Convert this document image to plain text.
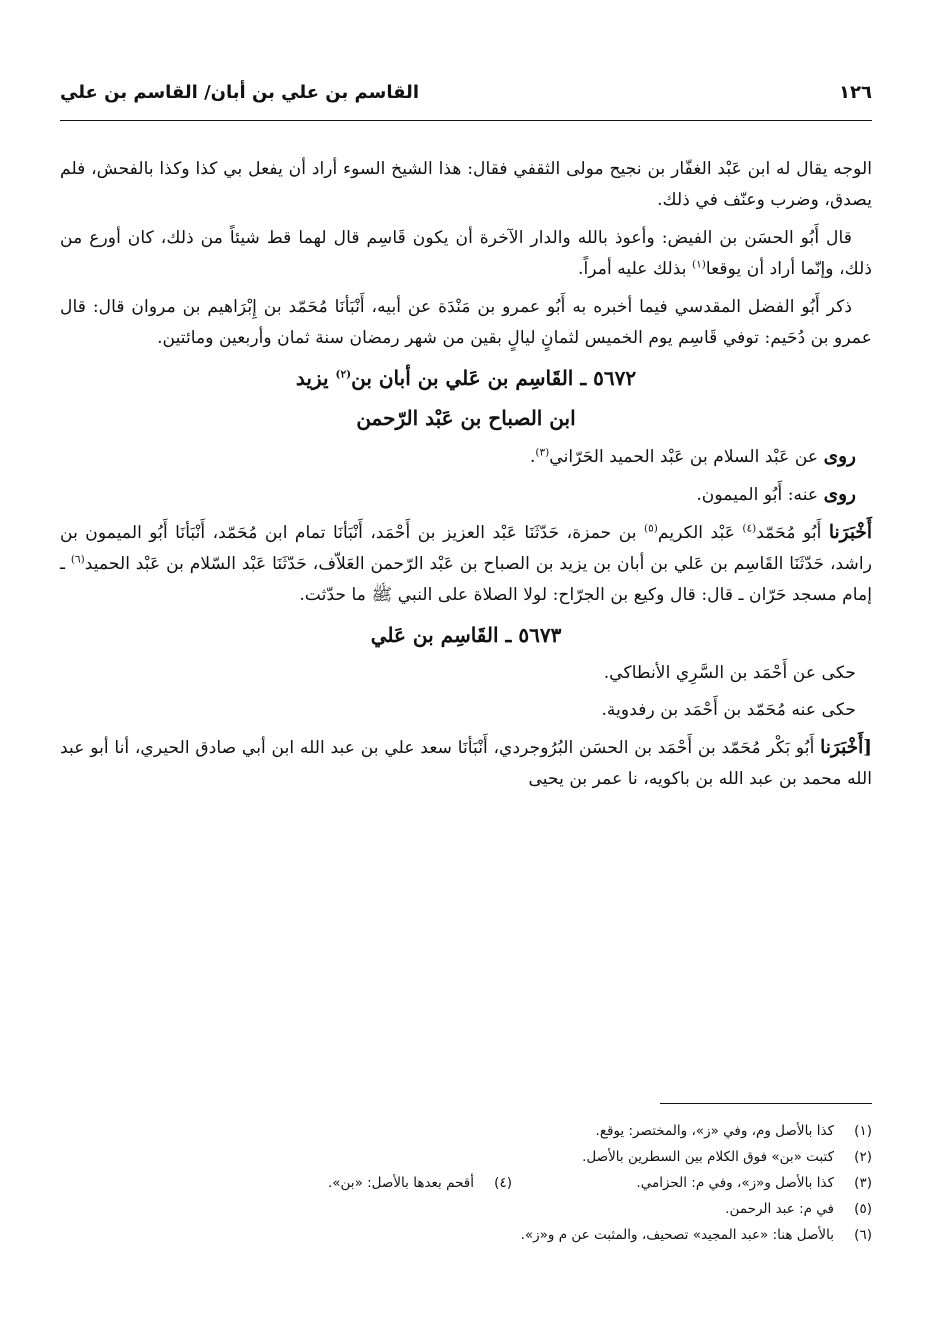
١٢٦
القاسم بن علي بن أبان/ القاسم بن علي

الوجه يقال له ابن عَبْد الغفّار بن نجيح مولى الثقفي فقال: هذا الشيخ السوء أراد أن يفعل بي كذا وكذا بالفحش، فلم يصدق، وضرب وعنّف في ذلك.

قال أَبُو الحسَن بن الفيض: وأعوذ بالله والدار الآخرة أن يكون قَاسِم قال لهما قط شيئاً من ذلك، كان أورع من ذلك، وإنّما أراد أن يوقعا$^{(١)}$ بذلك عليه أمراً.

ذكر أَبُو الفضل المقدسي فيما أخبره به أَبُو عمرو بن مَنْدَة عن أبيه، أَنْبَأنَا مُحَمّد بن إِبْرَاهيم بن مروان قال: قال عمرو بن دُحَيم: توفي قَاسِم يوم الخميس لثمانٍ ليالٍ بقين من شهر رمضان سنة ثمان وأربعين ومائتين.

٥٦٧٢ ـ القَاسِم بن عَلي بن أبان بن$^{(٢)}$ يزيد
ابن الصباح بن عَبْد الرّحمن

روى عن عَبْد السلام بن عَبْد الحميد الحَرّاني$^{(٣)}$.

روى عنه: أَبُو الميمون.

أَخْبَرَنا أَبُو مُحَمّد$^{(٤)}$ عَبْد الكريم$^{(٥)}$ بن حمزة، حَدّثَنَا عَبْد العزيز بن أَحْمَد، أَنْبَأنَا تمام ابن مُحَمّد، أَنْبَأنَا أَبُو الميمون بن راشد، حَدّثَنَا القَاسِم بن عَلي بن أبان بن يزيد بن الصباح بن عَبْد الرّحمن العَلاّف، حَدّثَنَا عَبْد السّلام بن عَبْد الحميد$^{(٦)}$ ـ إمام مسجد حَرّان ـ قال: قال وكيع بن الجرّاح: لولا الصلاة على النبي ﷺ ما حدّثت.

٥٦٧٣ ـ القَاسِم بن عَلي

حكى عن أَحْمَد بن السَّرِي الأنطاكي.

حكى عنه مُحَمّد بن أَحْمَد بن رفدوية.

[أَخْبَرَنا أَبُو بَكْر مُحَمّد بن أَحْمَد بن الحسَن البُرُوجردي، أَنْبَأنَا سعد علي بن عبد الله ابن أبي صادق الحيري، أنا أبو عبد الله محمد بن عبد الله بن باكويه، نا عمر بن يحيى

(١)
كذا بالأصل وم، وفي «ز»، والمختصر: يوقع.
(٢)
كتبت «بن» فوق الكلام بين السطرين بالأصل.
(٣)
كذا بالأصل و«ز»، وفي م: الحزامي.
(٤)
أقحم بعدها بالأصل: «بن».
(٥)
في م: عبد الرحمن.
(٦)
بالأصل هنا: «عبد المجيد» تصحيف، والمثبت عن م و«ز».
